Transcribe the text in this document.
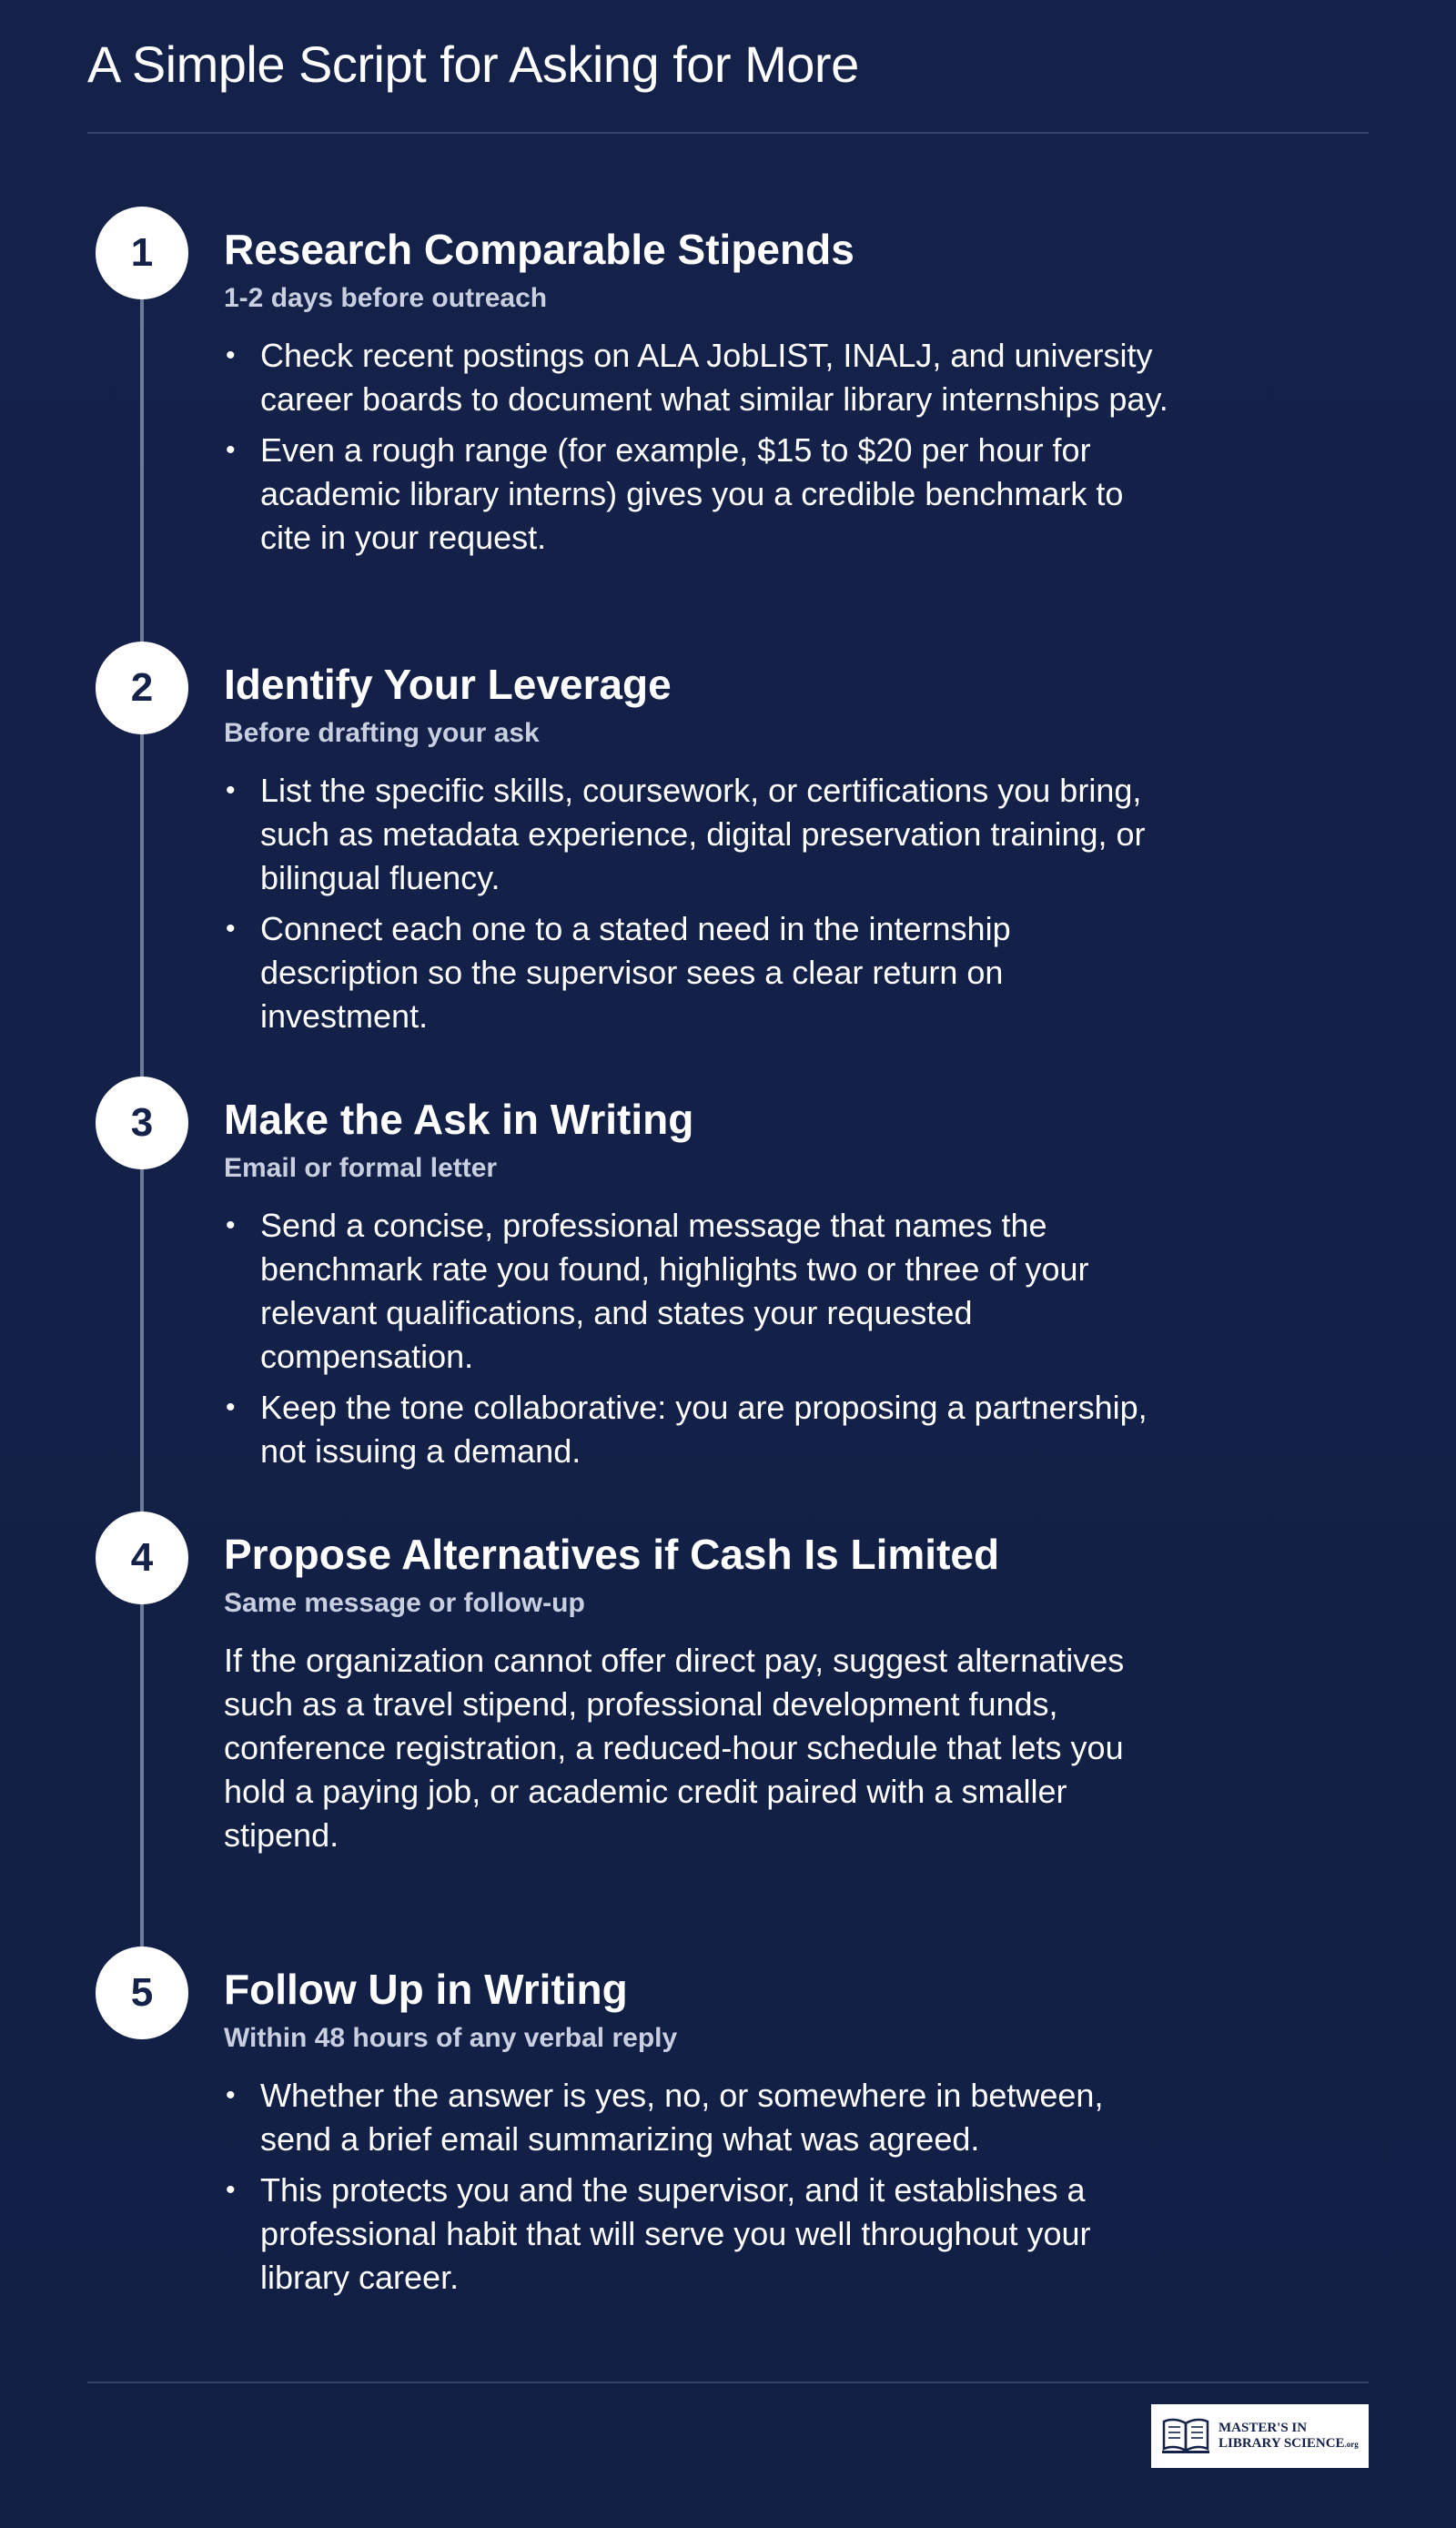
A Simple Script for Asking for More
1	Research Comparable Stipends
1-2 days before outreach
• Check recent postings on ALA JobLIST, INALJ, and university career boards to document what similar library internships pay.
• Even a rough range (for example, $15 to $20 per hour for academic library interns) gives you a credible benchmark to cite in your request.
2	Identify Your Leverage
Before drafting your ask
• List the specific skills, coursework, or certifications you bring, such as metadata experience, digital preservation training, or bilingual fluency.
• Connect each one to a stated need in the internship description so the supervisor sees a clear return on investment.
3	Make the Ask in Writing
Email or formal letter
• Send a concise, professional message that names the benchmark rate you found, highlights two or three of your relevant qualifications, and states your requested compensation.
• Keep the tone collaborative: you are proposing a partnership, not issuing a demand.
4	Propose Alternatives if Cash Is Limited
Same message or follow-up

If the organization cannot offer direct pay, suggest alternatives such as a travel stipend, professional development funds, conference registration, a reduced-hour schedule that lets you hold a paying job, or academic credit paired with a smaller stipend.

5	Follow Up in Writing
Within 48 hours of any verbal reply
• Whether the answer is yes, no, or somewhere in between, send a brief email summarizing what was agreed.
• This protects you and the supervisor, and it establishes a professional habit that will serve you well throughout your library career.
MASTER'S IN
LIBRARY SCIENCE.org
